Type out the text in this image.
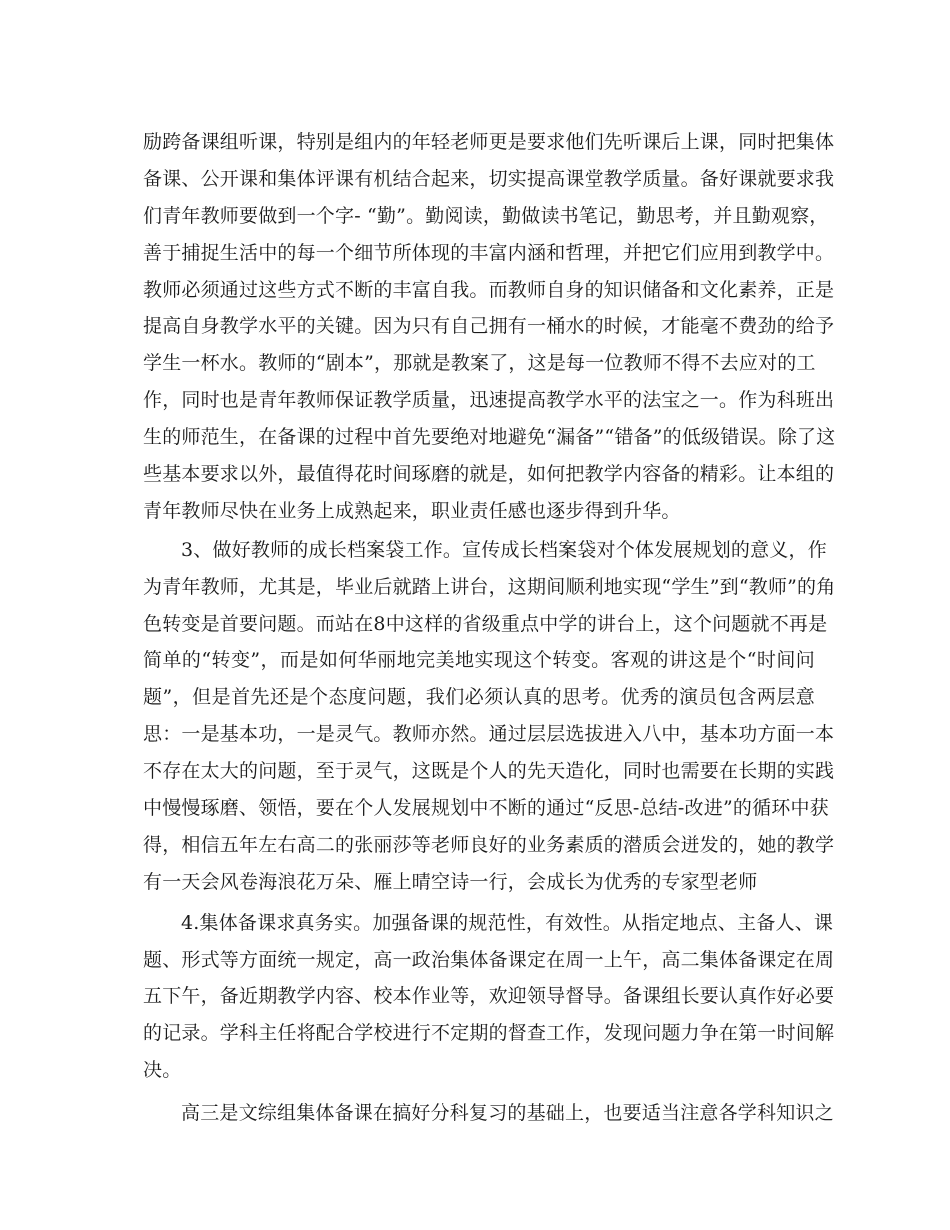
励跨备课组听课，特别是组内的年轻老师更是要求他们先听课后上课，同时把集体
备课、公开课和集体评课有机结合起来，切实提高课堂教学质量。备好课就要求我
们青年教师要做到一个字- “勤”。勤阅读，勤做读书笔记，勤思考，并且勤观察，
善于捕捉生活中的每一个细节所体现的丰富内涵和哲理，并把它们应用到教学中。
教师必须通过这些方式不断的丰富自我。而教师自身的知识储备和文化素养，正是
提高自身教学水平的关键。因为只有自己拥有一桶水的时候，才能毫不费劲的给予
学生一杯水。教师的“剧本”，那就是教案了，这是每一位教师不得不去应对的工
作，同时也是青年教师保证教学质量，迅速提高教学水平的法宝之一。作为科班出
生的师范生，在备课的过程中首先要绝对地避免“漏备”“错备”的低级错误。除了这
些基本要求以外，最值得花时间琢磨的就是，如何把教学内容备的精彩。让本组的
青年教师尽快在业务上成熟起来，职业责任感也逐步得到升华。
3、做好教师的成长档案袋工作。宣传成长档案袋对个体发展规划的意义，作
为青年教师，尤其是，毕业后就踏上讲台，这期间顺利地实现“学生”到“教师”的角
色转变是首要问题。而站在8中这样的省级重点中学的讲台上，这个问题就不再是
简单的“转变”，而是如何华丽地完美地实现这个转变。客观的讲这是个“时间问
题”，但是首先还是个态度问题，我们必须认真的思考。优秀的演员包含两层意
思：一是基本功，一是灵气。教师亦然。通过层层选拔进入八中，基本功方面一本
不存在太大的问题，至于灵气，这既是个人的先天造化，同时也需要在长期的实践
中慢慢琢磨、领悟，要在个人发展规划中不断的通过“反思-总结-改进”的循环中获
得，相信五年左右高二的张丽莎等老师良好的业务素质的潜质会迸发的，她的教学
有一天会风卷海浪花万朵、雁上晴空诗一行，会成长为优秀的专家型老师
4.集体备课求真务实。加强备课的规范性，有效性。从指定地点、主备人、课
题、形式等方面统一规定，高一政治集体备课定在周一上午，高二集体备课定在周
五下午，备近期教学内容、校本作业等，欢迎领导督导。备课组长要认真作好必要
的记录。学科主任将配合学校进行不定期的督查工作，发现问题力争在第一时间解
决。
高三是文综组集体备课在搞好分科复习的基础上，也要适当注意各学科知识之
